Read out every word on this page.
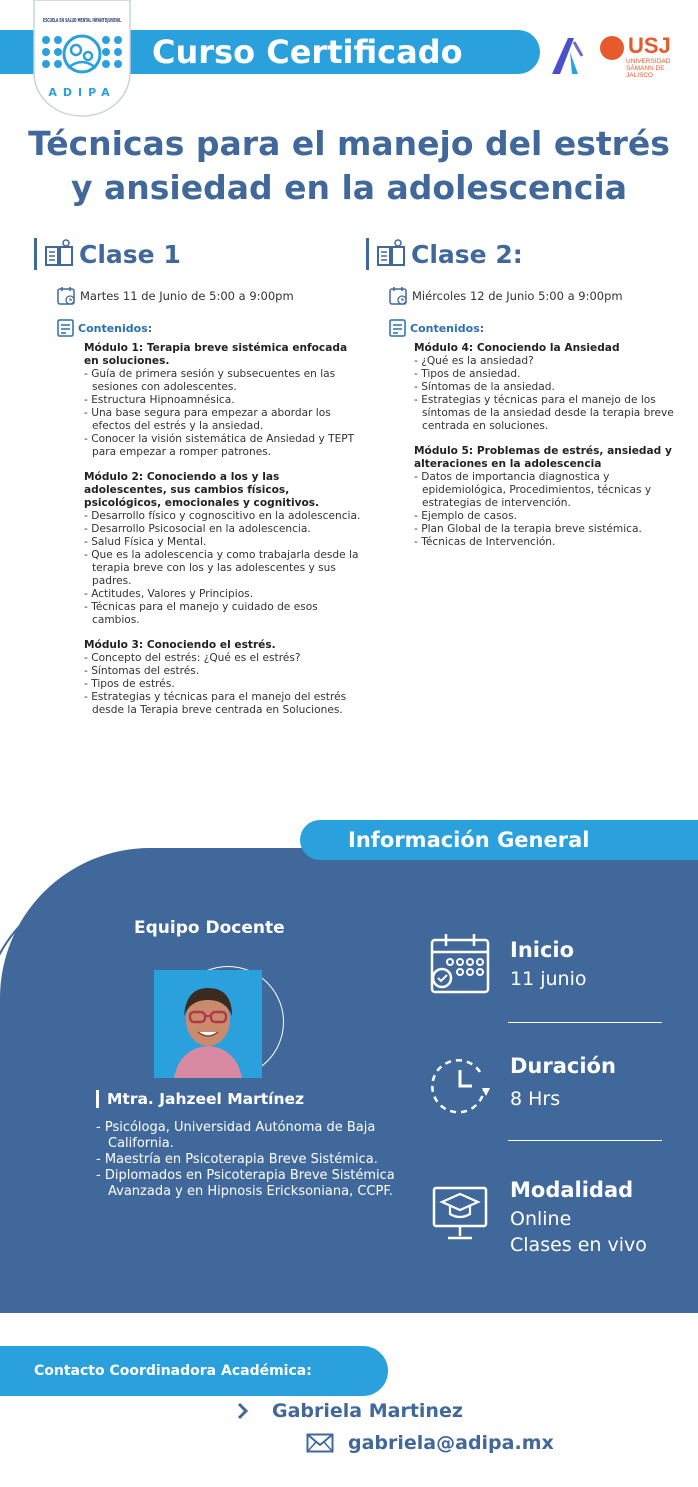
Curso Certificado
ESCUELA EN SALUD MENTAL INFANTOJUVENIL
ADIPA
USJ
UNIVERSIDAD SÁMANN DE JALISCO
Técnicas para el manejo del estrés
y ansiedad en la adolescencia
Clase 1
Martes 11 de Junio de 5:00 a 9:00pm
Contenidos:
Módulo 1: Terapia breve sistémica enfocada en soluciones.
- Guía de primera sesión y subsecuentes en las sesiones con adolescentes.
- Estructura Hipnoamnésica.
- Una base segura para empezar a abordar los efectos del estrés y la ansiedad.
- Conocer la visión sistemática de Ansiedad y TEPT para empezar a romper patrones.
Módulo 2: Conociendo a los y las adolescentes, sus cambios físicos, psicológicos, emocionales y cognitivos.
- Desarrollo físico y cognoscitivo en la adolescencia.
- Desarrollo Psicosocial en la adolescencia.
- Salud Física y Mental.
- Que es la adolescencia y como trabajarla desde la terapia breve con los y las adolescentes y sus padres.
- Actitudes, Valores y Principios.
- Técnicas para el manejo y cuidado de esos cambios.
Módulo 3: Conociendo el estrés.
- Concepto del estrés: ¿Qué es el estrés?
- Síntomas del estrés.
- Tipos de estrés.
- Estrategias y técnicas para el manejo del estrés desde la Terapia breve centrada en Soluciones.
Clase 2:
Miércoles 12 de Junio 5:00 a 9:00pm
Contenidos:
Módulo 4: Conociendo la Ansiedad
- ¿Qué es la ansiedad?
- Tipos de ansiedad.
- Síntomas de la ansiedad.
- Estrategias y técnicas para el manejo de los síntomas de la ansiedad desde la terapia breve centrada en soluciones.
Módulo 5: Problemas de estrés, ansiedad y alteraciones en la adolescencia
- Datos de importancia diagnostica y epidemiológica, Procedimientos, técnicas y estrategias de intervención.
- Ejemplo de casos.
- Plan Global de la terapia breve sistémica.
- Técnicas de Intervención.
Información General
Equipo Docente
Mtra. Jahzeel Martínez
- Psicóloga, Universidad Autónoma de Baja California.
- Maestría en Psicoterapia Breve Sistémica.
- Diplomados en Psicoterapia Breve Sistémica Avanzada y en Hipnosis Ericksoniana, CCPF.
Inicio
11 junio
Duración
8 Hrs
Modalidad
Online
Clases en vivo
Contacto Coordinadora Académica:
Gabriela Martinez
gabriela@adipa.mx
